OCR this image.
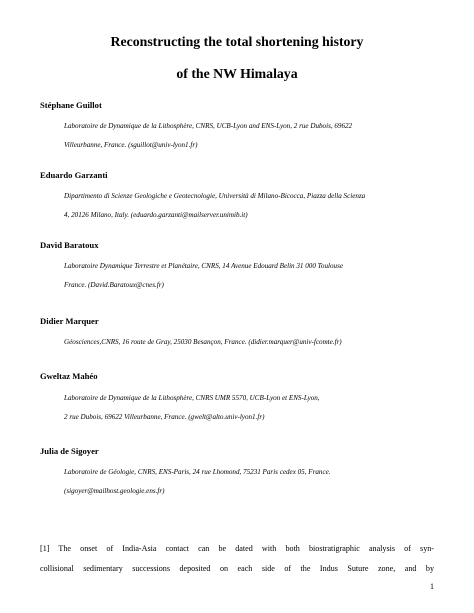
Reconstructing the total shortening history
of the NW Himalaya

Stéphane Guillot

Laboratoire de Dynamique de la Lithosphère, CNRS, UCB-Lyon and ENS-Lyon, 2 rue Dubois, 69622
Villeurbanne, France. (sguillot@univ-lyon1.fr)

Eduardo Garzanti

Dipartimento di Scienze Geologiche e Geotecnologie, Università di Milano-Bicocca, Piazza della Scienza
4, 20126 Milano, Italy. (eduardo.garzanti@mailserver.unimib.it)

David Baratoux

Laboratoire Dynamique Terrestre et Planétaire, CNRS, 14 Avenue Edouard Belin 31 000 Toulouse
France. (David.Baratoux@cnes.fr)

Didier Marquer

Géosciences,CNRS, 16 route de Gray, 25030 Besançon, France. (didier.marquer@univ-fcomte.fr)

Gweltaz Mahéo

Laboratoire de Dynamique de la Lithosphère, CNRS UMR 5570, UCB-Lyon et ENS-Lyon,
2 rue Dubois, 69622 Villeurbanne, France. (gwelt@alto.univ-lyon1.fr)

Julia de Sigoyer

Laboratoire de Géologie, CNRS, ENS-Paris, 24 rue Lhomond, 75231 Paris cedex 05, France.
(sigoyer@mailhost.geologie.ens.fr)

[1] The onset of India-Asia contact can be dated with both biostratigraphic analysis of syn-
collisional sedimentary successions deposited on each side of the Indus Suture zone, and by

1
